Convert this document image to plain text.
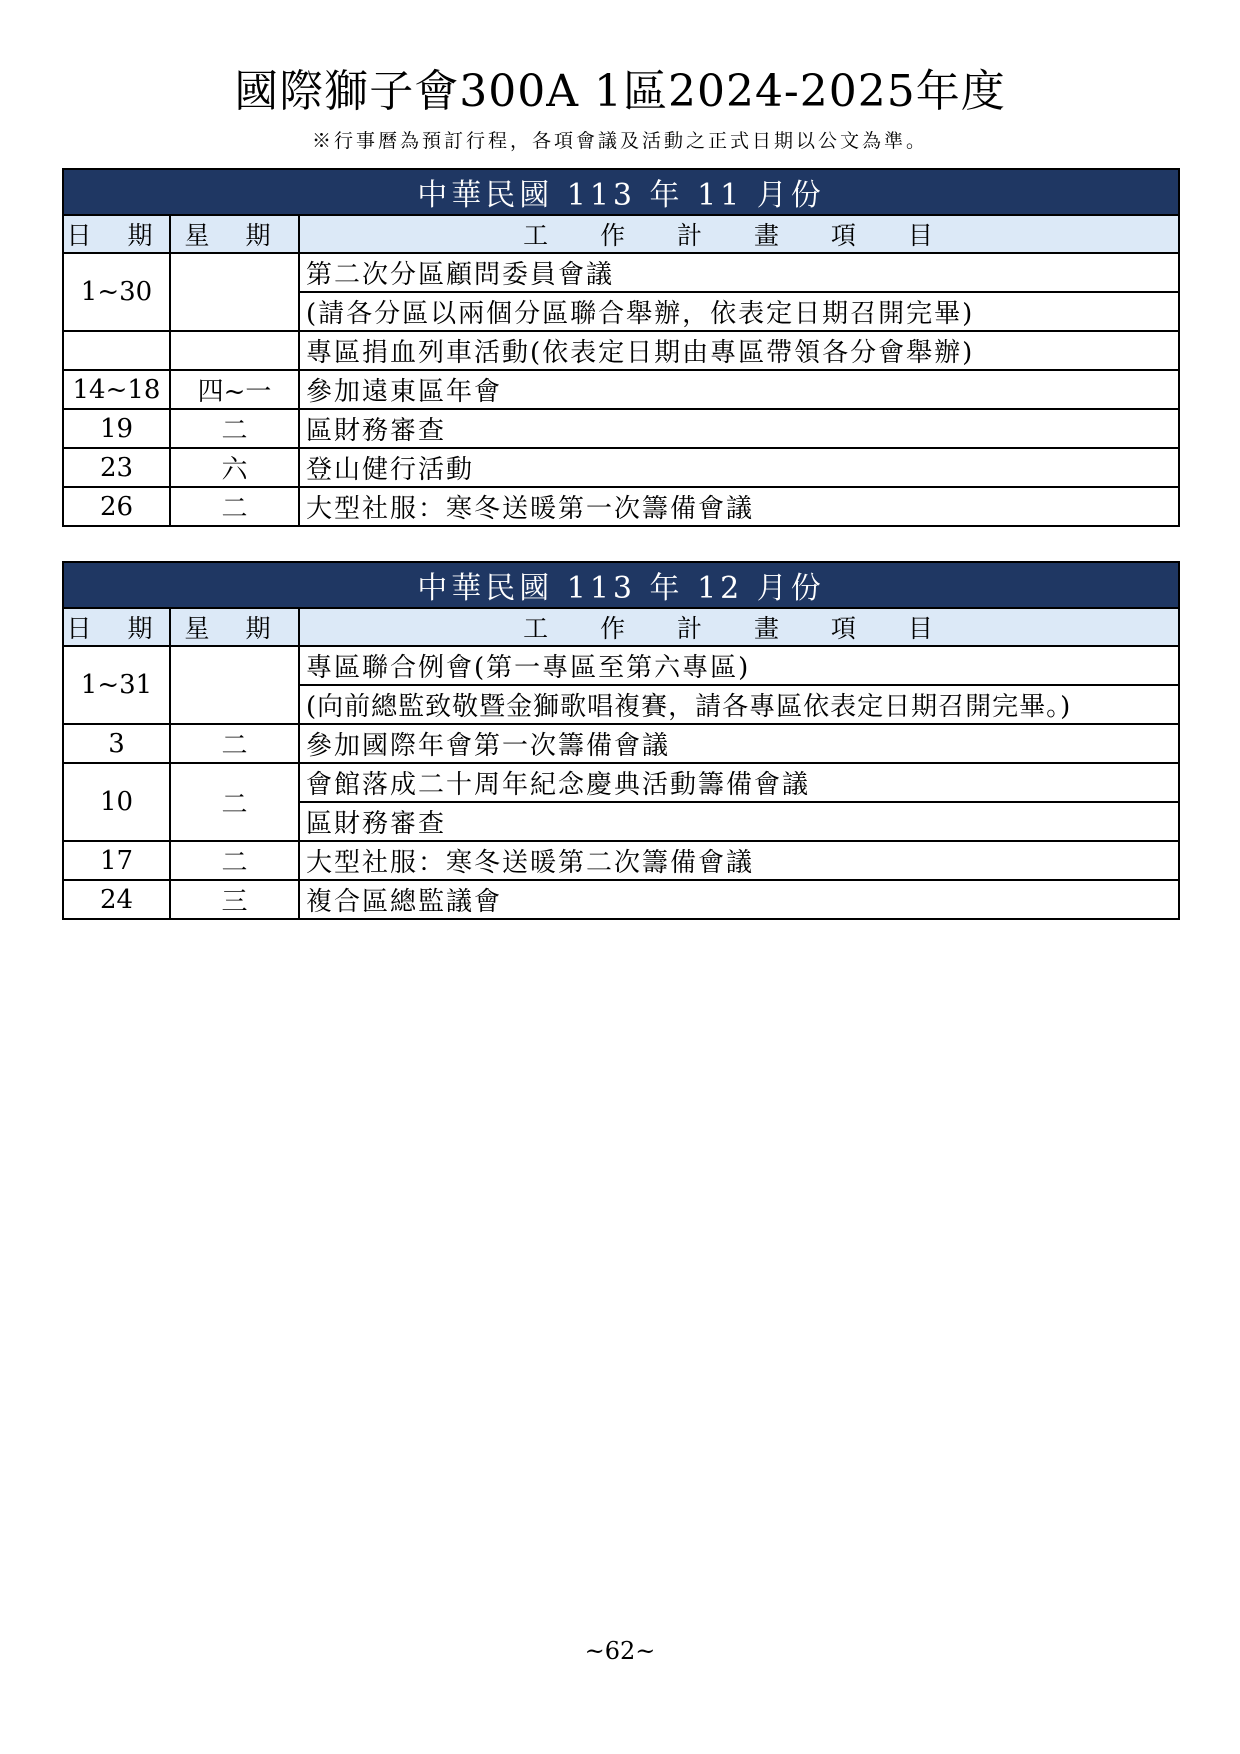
國際獅子會300A 1區2024-2025年度
※行事曆為預訂行程，各項會議及活動之正式日期以公文為準。
中華民國 113 年 11 月份		
日 期	星 期	工 作 計 畫 項 目
1~30		第二次分區顧問委員會議
		(請各分區以兩個分區聯合舉辦，依表定日期召開完畢)
		專區捐血列車活動(依表定日期由專區帶領各分會舉辦)
14~18	四~一	參加遠東區年會
19	二	區財務審查
23	六	登山健行活動
26	二	大型社服：寒冬送暖第一次籌備會議
中華民國 113 年 12 月份		
日 期	星 期	工 作 計 畫 項 目
1~31		專區聯合例會(第一專區至第六專區)
		(向前總監致敬暨金獅歌唱複賽，請各專區依表定日期召開完畢。)
3	二	參加國際年會第一次籌備會議
10	二	會館落成二十周年紀念慶典活動籌備會議
		區財務審查
17	二	大型社服：寒冬送暖第二次籌備會議
24	三	複合區總監議會
~62~
